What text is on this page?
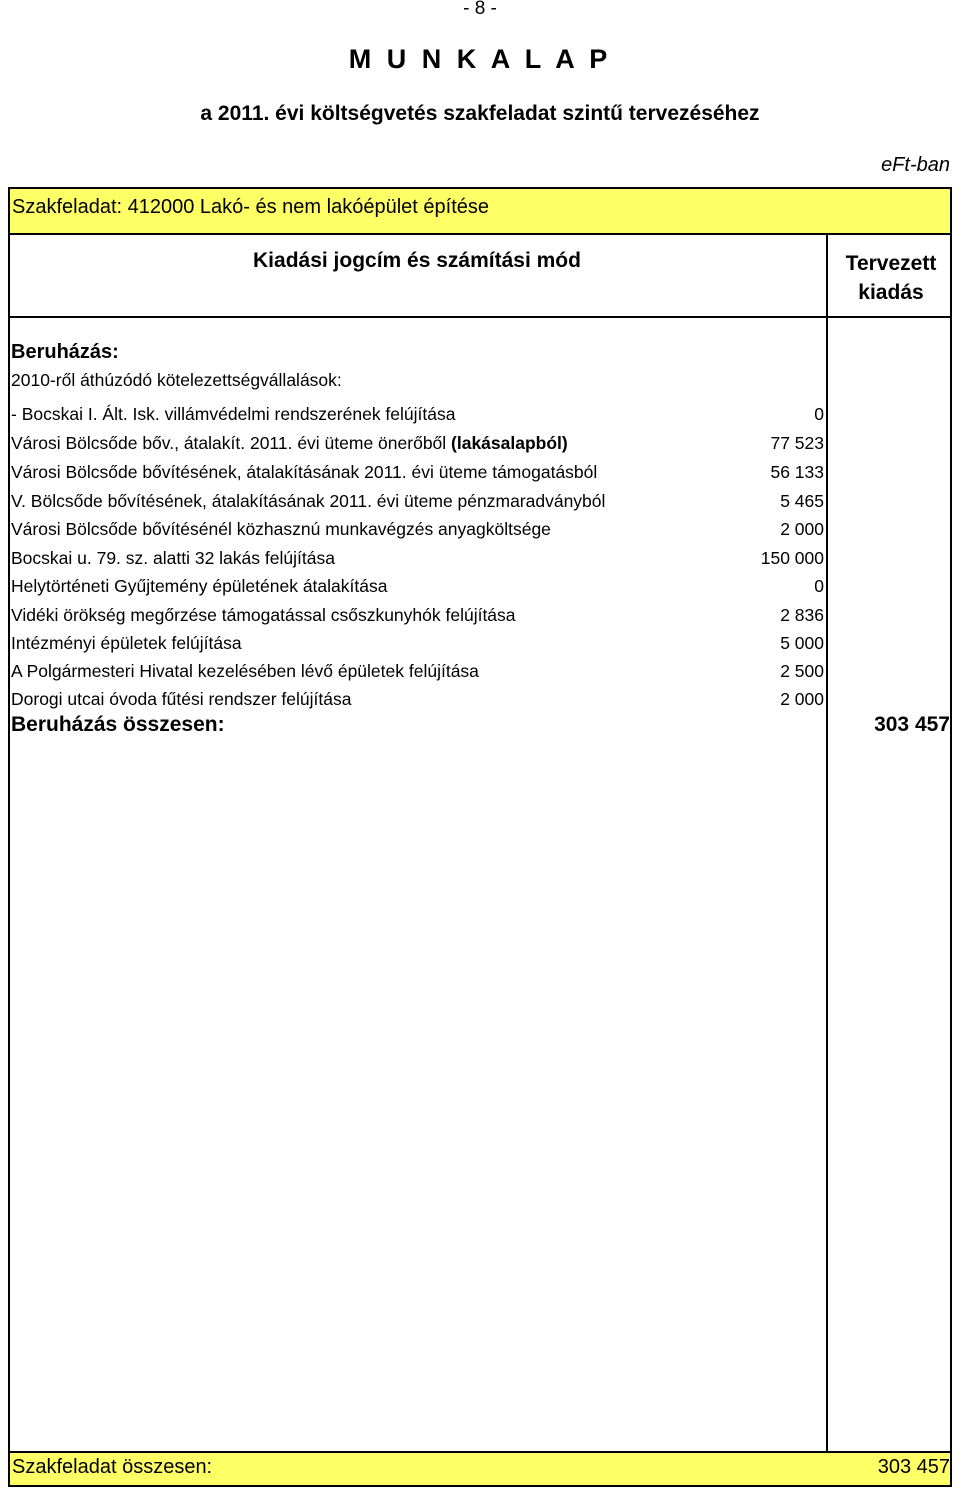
- 8 -
M U N K A L A P
a 2011. évi költségvetés szakfeladat szintű tervezéséhez
eFt-ban
Szakfeladat: 412000 Lakó- és nem lakóépület építése
Kiadási jogcím és számítási mód	Tervezett kiadás
Beruházás:
2010-ről áthúzódó kötelezettségvállalások:
- Bocskai I. Ált. Isk. villámvédelmi rendszerének felújítása	0
Városi Bölcsőde bőv., átalakít. 2011. évi üteme önerőből (lakásalapból)	77 523
Városi Bölcsőde bővítésének, átalakításának 2011. évi üteme támogatásból	56 133
V. Bölcsőde bővítésének, átalakításának 2011. évi üteme pénzmaradványból	5 465
Városi Bölcsőde bővítésénél közhasznú munkavégzés anyagköltsége	2 000
Bocskai u. 79. sz. alatti 32 lakás felújítása	150 000
Helytörténeti Gyűjtemény épületének átalakítása	0
Vidéki örökség megőrzése támogatással csőszkunyhók felújítása	2 836
Intézményi épületek felújítása	5 000
A Polgármesteri Hivatal kezelésében lévő épületek felújítása	2 500
Dorogi utcai óvoda fűtési rendszer felújítása	2 000
Beruházás összesen:	303 457
Szakfeladat összesen:	303 457
